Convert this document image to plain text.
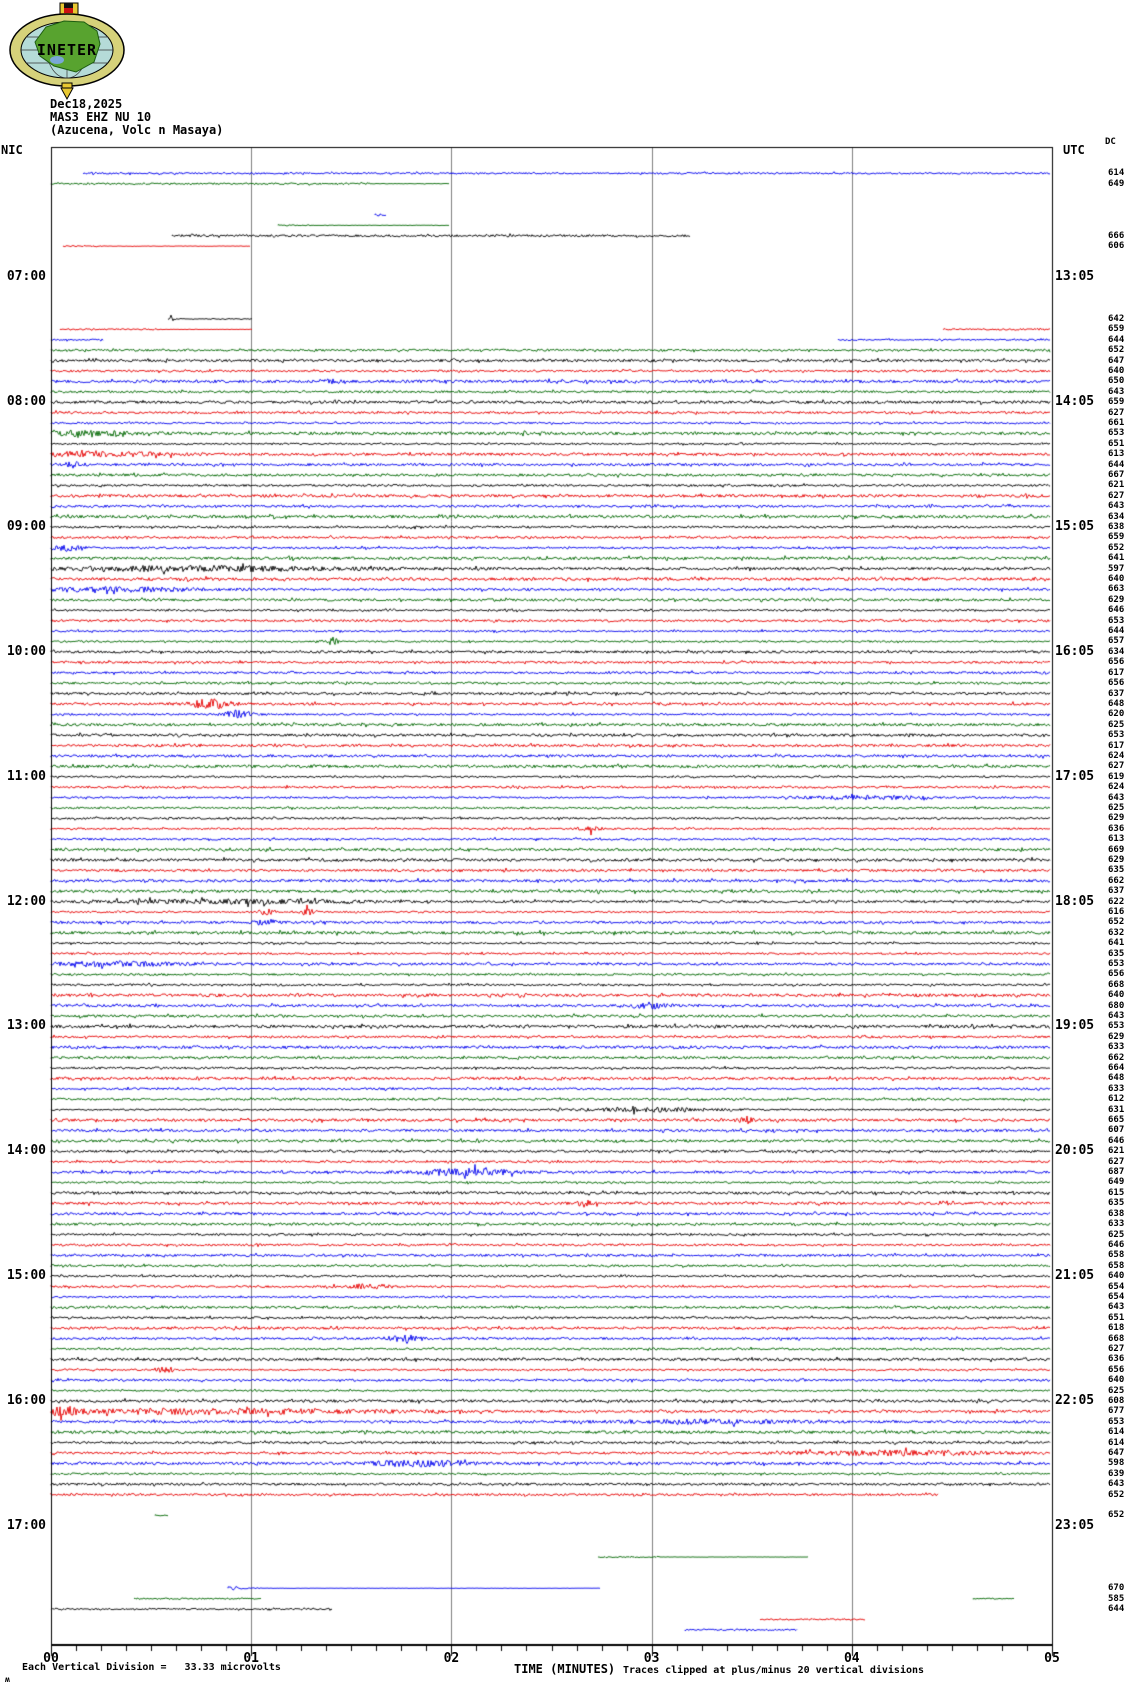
INETER
Dec18,2025
MAS3 EHZ NU 10
(Azucena, Volc n Masaya)
NIC	UTC
DC
07:00	13:05
08:00	14:05
09:00	15:05
10:00	16:05
11:00	17:05
12:00	18:05
13:00	19:05
14:00	20:05
15:00	21:05
16:00	22:05
17:00	23:05
614
649
666
606
642
659
644
652
647
640
650
643
659
627
661
653
651
613
644
667
621
627
643
634
638
659
652
641
597
640
663
629
646
653
644
657
634
656
617
656
637
648
620
625
653
617
624
627
619
624
643
625
629
636
613
669
629
635
662
637
622
616
652
632
641
635
653
656
668
640
680
643
653
629
633
662
664
648
633
612
631
665
607
646
621
627
687
649
615
635
638
633
625
646
658
658
640
654
654
643
651
618
668
627
636
656
640
625
608
677
653
614
614
647
598
639
643
652
652
670
585
644
00	01	02	03	04	05
ʍ
Each Vertical Division =   33.33 microvolts	TIME (MINUTES) Traces clipped at plus/minus 20 vertical divisions
